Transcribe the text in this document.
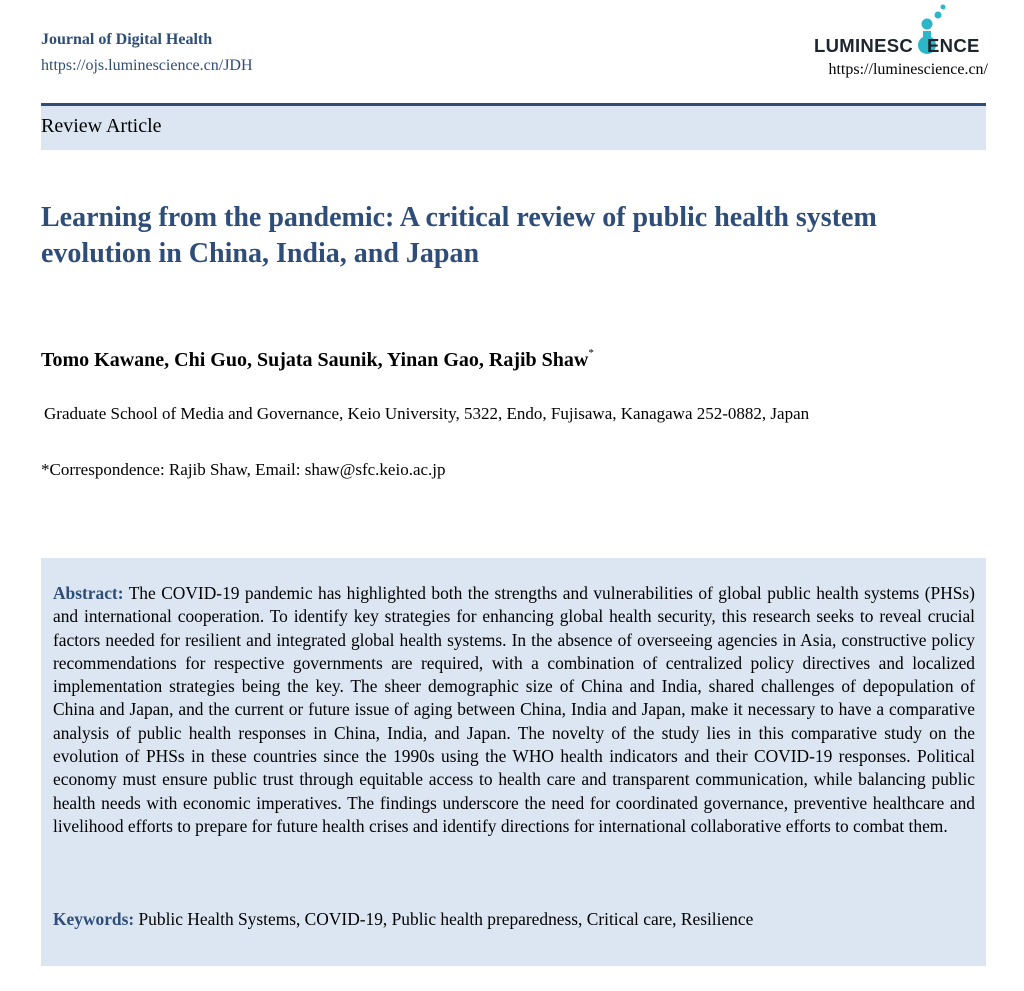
Journal of Digital Health
https://ojs.luminescience.cn/JDH
LUMINESC ENCE
https://luminescience.cn/
Review Article
Learning from the pandemic: A critical review of public health system evolution in China, India, and Japan
Tomo Kawane, Chi Guo, Sujata Saunik, Yinan Gao, Rajib Shaw*
Graduate School of Media and Governance, Keio University, 5322, Endo, Fujisawa, Kanagawa 252-0882, Japan
*Correspondence: Rajib Shaw, Email: shaw@sfc.keio.ac.jp

Abstract: The COVID-19 pandemic has highlighted both the strengths and vulnerabilities of global public health systems (PHSs) and international cooperation. To identify key strategies for enhancing global health security, this research seeks to reveal crucial factors needed for resilient and integrated global health systems. In the absence of overseeing agencies in Asia, constructive policy recommendations for respective governments are required, with a combination of centralized policy directives and localized implementation strategies being the key. The sheer demographic size of China and India, shared challenges of depopulation of China and Japan, and the current or future issue of aging between China, India and Japan, make it necessary to have a comparative analysis of public health responses in China, India, and Japan. The novelty of the study lies in this comparative study on the evolution of PHSs in these countries since the 1990s using the WHO health indicators and their COVID-19 responses. Political economy must ensure public trust through equitable access to health care and transparent communication, while balancing public health needs with economic imperatives. The findings underscore the need for coordinated governance, preventive healthcare and livelihood efforts to prepare for future health crises and identify directions for international collaborative efforts to combat them.

Keywords: Public Health Systems, COVID-19, Public health preparedness, Critical care, Resilience
